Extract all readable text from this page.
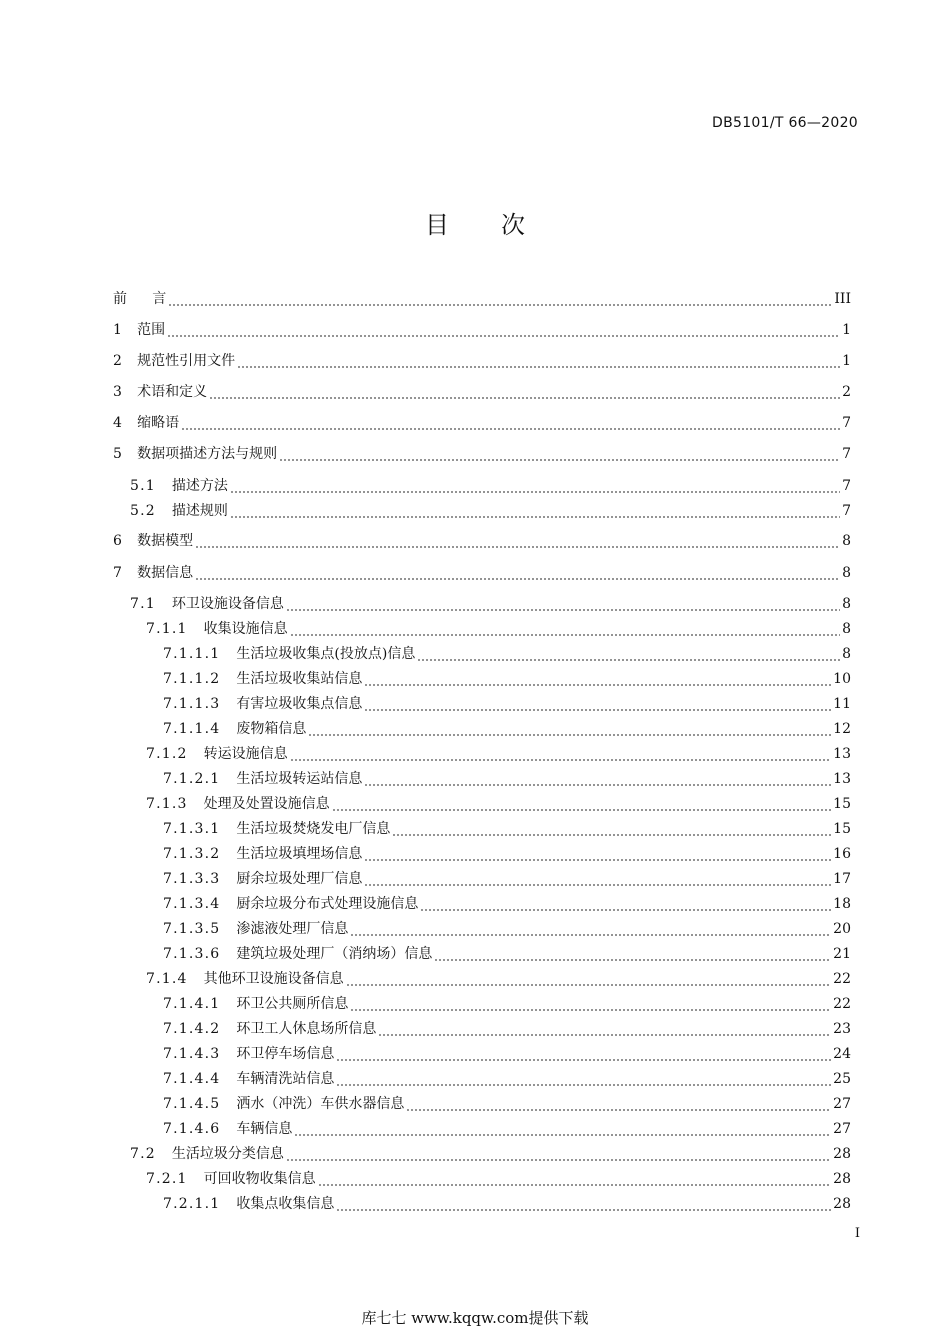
DB5101/T 66—2020
目 次
前 言	III
1 范围	1
2 规范性引用文件	1
3 术语和定义	2
4 缩略语	7
5 数据项描述方法与规则	7
5.1 描述方法	7
5.2 描述规则	7
6 数据模型	8
7 数据信息	8
7.1 环卫设施设备信息	8
7.1.1 收集设施信息	8
7.1.1.1 生活垃圾收集点(投放点)信息	8
7.1.1.2 生活垃圾收集站信息	10
7.1.1.3 有害垃圾收集点信息	11
7.1.1.4 废物箱信息	12
7.1.2 转运设施信息	13
7.1.2.1 生活垃圾转运站信息	13
7.1.3 处理及处置设施信息	15
7.1.3.1 生活垃圾焚烧发电厂信息	15
7.1.3.2 生活垃圾填埋场信息	16
7.1.3.3 厨余垃圾处理厂信息	17
7.1.3.4 厨余垃圾分布式处理设施信息	18
7.1.3.5 渗滤液处理厂信息	20
7.1.3.6 建筑垃圾处理厂（消纳场）信息	21
7.1.4 其他环卫设施设备信息	22
7.1.4.1 环卫公共厕所信息	22
7.1.4.2 环卫工人休息场所信息	23
7.1.4.3 环卫停车场信息	24
7.1.4.4 车辆清洗站信息	25
7.1.4.5 洒水（冲洗）车供水器信息	27
7.1.4.6 车辆信息	27
7.2 生活垃圾分类信息	28
7.2.1 可回收物收集信息	28
7.2.1.1 收集点收集信息	28
I
库七七 www.kqqw.com提供下载
